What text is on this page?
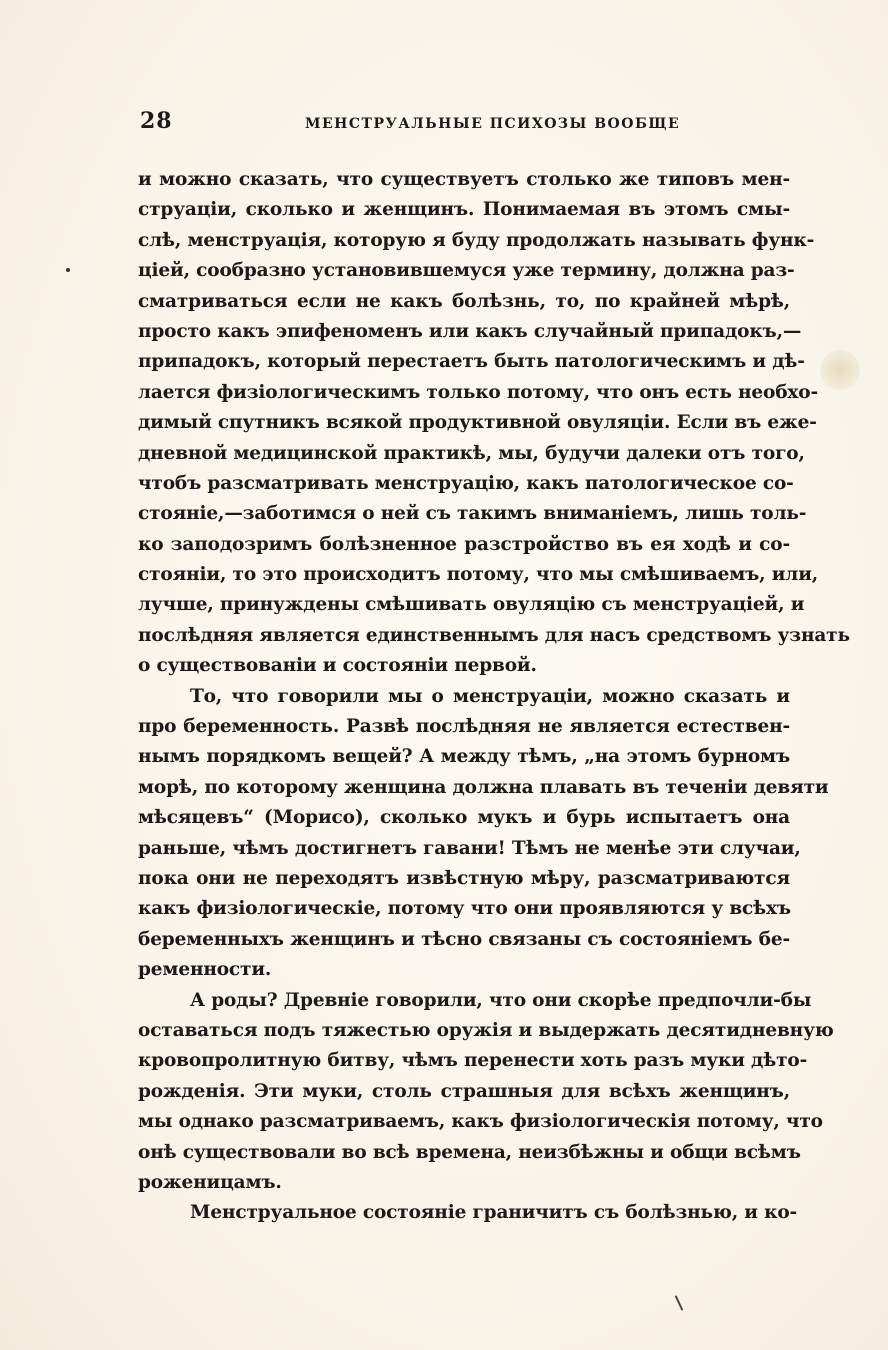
28	МЕНСТРУАЛЬНЫЕ ПСИХОЗЫ ВООБЩЕ
и можно сказать, что существуетъ столько же типовъ мен-
струаціи, сколько и женщинъ. Понимаемая въ этомъ смы-
слѣ, менструація, которую я буду продолжать называть функ-
ціей, сообразно установившемуся уже термину, должна раз-
сматриваться если не какъ болѣзнь, то, по крайней мѣрѣ,
просто какъ эпифеноменъ или какъ случайный припадокъ,—
припадокъ, который перестаетъ быть патологическимъ и дѣ-
лается физіологическимъ только потому, что онъ есть необхо-
димый спутникъ всякой продуктивной овуляціи. Если въ еже-
дневной медицинской практикѣ, мы, будучи далеки отъ того,
чтобъ разсматривать менструацію, какъ патологическое со-
стояніе,—заботимся о ней съ такимъ вниманіемъ, лишь толь-
ко заподозримъ болѣзненное разстройство въ ея ходѣ и со-
стояніи, то это происходитъ потому, что мы смѣшиваемъ, или,
лучше, принуждены смѣшивать овуляцію съ менструаціей, и
послѣдняя является единственнымъ для насъ средствомъ узнать
о существованіи и состояніи первой.
То, что говорили мы о менструаціи, можно сказать и
про беременность. Развѣ послѣдняя не является естествен-
нымъ порядкомъ вещей? А между тѣмъ, „на этомъ бурномъ
морѣ, по которому женщина должна плавать въ теченіи девяти
мѣсяцевъ“ (Морисо), сколько мукъ и бурь испытаетъ она
раньше, чѣмъ достигнетъ гавани! Тѣмъ не менѣе эти случаи,
пока они не переходятъ извѣстную мѣру, разсматриваются
какъ физіологическіе, потому что они проявляются у всѣхъ
беременныхъ женщинъ и тѣсно связаны съ состояніемъ бе-
ременности.
А роды? Древніе говорили, что они скорѣе предпочли-бы
оставаться подъ тяжестью оружія и выдержать десятидневную
кровопролитную битву, чѣмъ перенести хоть разъ муки дѣто-
рожденія. Эти муки, столь страшныя для всѣхъ женщинъ,
мы однако разсматриваемъ, какъ физіологическія потому, что
онѣ существовали во всѣ времена, неизбѣжны и общи всѣмъ
роженицамъ.
Менструальное состояніе граничитъ съ болѣзнью, и ко-
